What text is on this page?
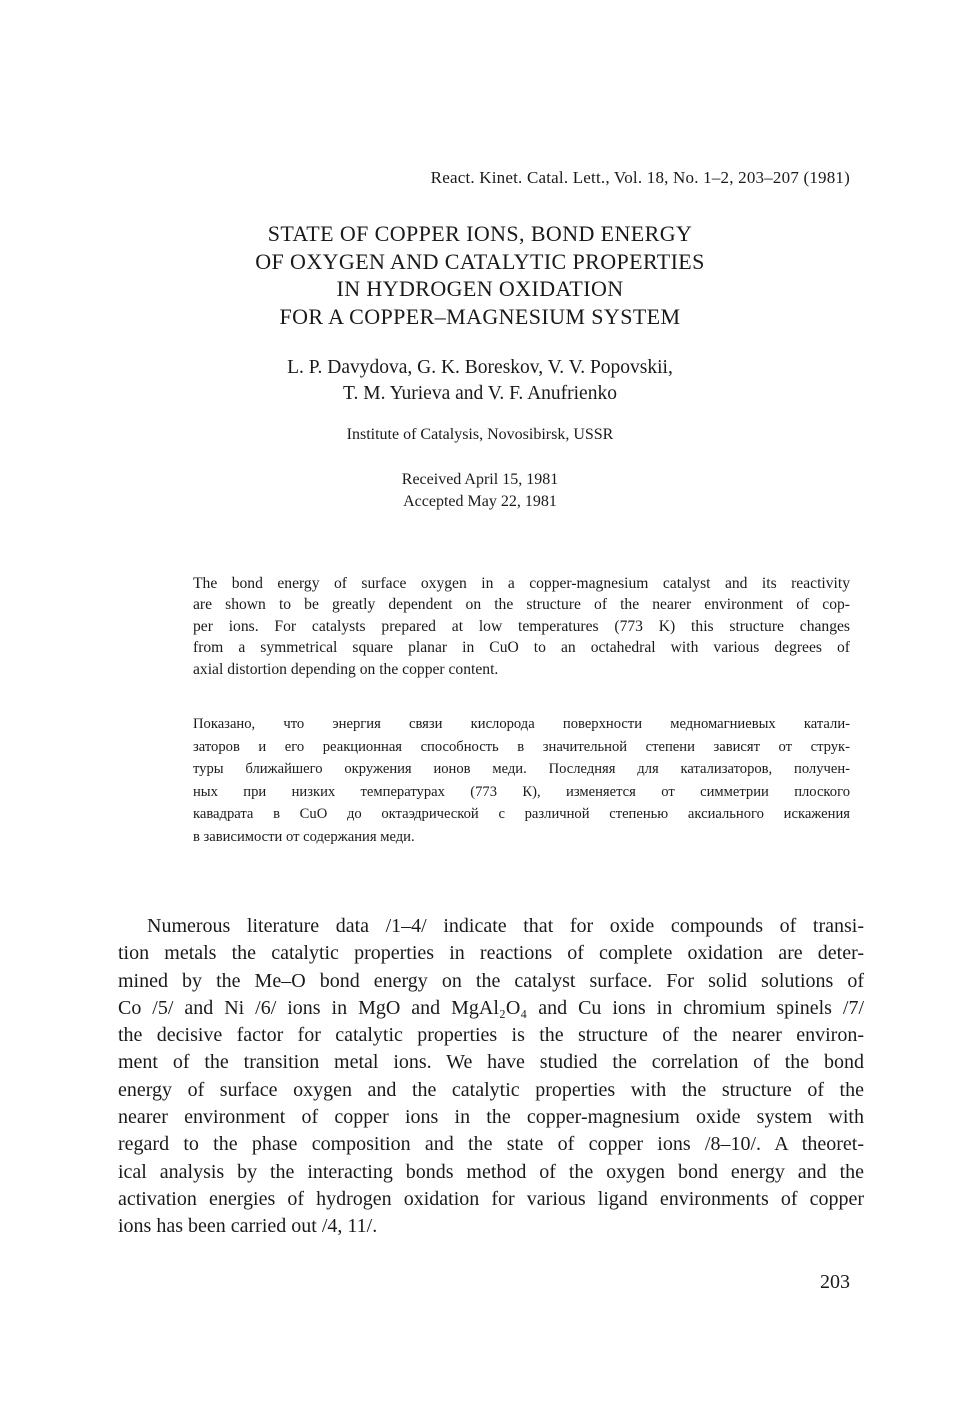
React. Kinet. Catal. Lett., Vol. 18, No. 1–2, 203–207 (1981)
STATE OF COPPER IONS, BOND ENERGY
OF OXYGEN AND CATALYTIC PROPERTIES
IN HYDROGEN OXIDATION
FOR A COPPER–MAGNESIUM SYSTEM
L. P. Davydova, G. K. Boreskov, V. V. Popovskii,
T. M. Yurieva and V. F. Anufrienko
Institute of Catalysis, Novosibirsk, USSR
Received April 15, 1981
Accepted May 22, 1981
The bond energy of surface oxygen in a copper-magnesium catalyst and its reactivity
are shown to be greatly dependent on the structure of the nearer environment of cop-
per ions. For catalysts prepared at low temperatures (773 K) this structure changes
from a symmetrical square planar in CuO to an octahedral with various degrees of
axial distortion depending on the copper content.
Показано, что энергия связи кислорода поверхности медномагниевых катали-
заторов и его реакционная способность в значительной степени зависят от струк-
туры ближайшего окружения ионов меди. Последняя для катализаторов, получен-
ных при низких температурах (773 К), изменяется от симметрии плоского
кавадрата в CuO до октаэдрической с различной степенью аксиального искажения
в зависимости от содержания меди.
Numerous literature data /1–4/ indicate that for oxide compounds of transi-
tion metals the catalytic properties in reactions of complete oxidation are deter-
mined by the Me–O bond energy on the catalyst surface. For solid solutions of
Co /5/ and Ni /6/ ions in MgO and MgAl₂O₄ and Cu ions in chromium spinels /7/
the decisive factor for catalytic properties is the structure of the nearer environ-
ment of the transition metal ions. We have studied the correlation of the bond
energy of surface oxygen and the catalytic properties with the structure of the
nearer environment of copper ions in the copper-magnesium oxide system with
regard to the phase composition and the state of copper ions /8–10/. A theoret-
ical analysis by the interacting bonds method of the oxygen bond energy and the
activation energies of hydrogen oxidation for various ligand environments of copper
ions has been carried out /4, 11/.
203
